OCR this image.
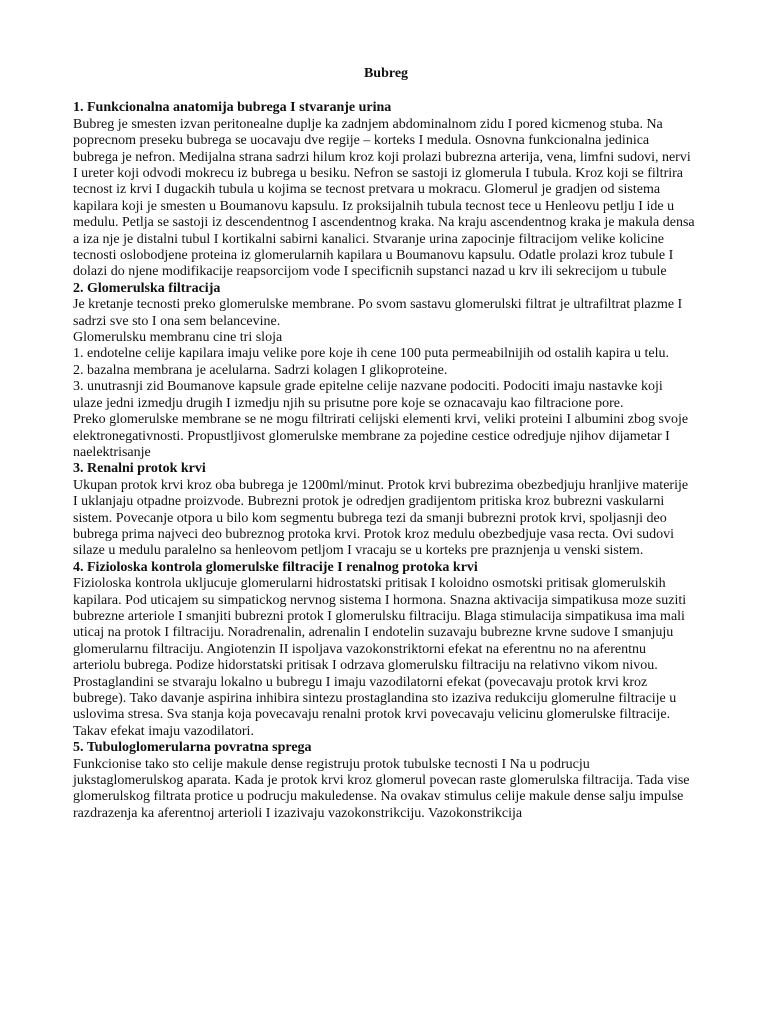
Bubreg
1. Funkcionalna anatomija bubrega I stvaranje urina
Bubreg je smesten izvan peritonealne duplje ka zadnjem abdominalnom zidu I pored kicmenog stuba. Na poprecnom preseku bubrega se uocavaju dve regije – korteks I medula. Osnovna funkcionalna jedinica bubrega je nefron. Medijalna strana sadrzi hilum kroz koji prolazi bubrezna arterija, vena, limfni sudovi, nervi I ureter koji odvodi mokrecu iz bubrega u besiku. Nefron se sastoji iz glomerula I tubula. Kroz koji se filtrira tecnost iz krvi I dugackih tubula u kojima se tecnost pretvara u mokracu. Glomerul je gradjen od sistema kapilara koji je smesten u Boumanovu kapsulu. Iz proksijalnih tubula tecnost tece u Henleovu petlju I ide u medulu. Petlja se sastoji iz descendentnog I ascendentnog kraka. Na kraju ascendentnog kraka je makula densa a iza nje je distalni tubul I kortikalni sabirni kanalici. Stvaranje urina zapocinje filtracijom velike kolicine tecnosti oslobodjene proteina iz glomerularnih kapilara u Boumanovu kapsulu. Odatle prolazi kroz tubule I dolazi do njene modifikacije reapsorcijom vode I specificnih supstanci nazad u krv ili sekrecijom u tubule
2. Glomerulska filtracija
Je kretanje tecnosti preko glomerulske membrane. Po svom sastavu glomerulski filtrat je ultrafiltrat plazme I sadrzi sve sto I ona sem belancevine.
Glomerulsku membranu cine tri sloja
1. endotelne celije kapilara imaju velike pore koje ih cene 100 puta permeabilnijih od ostalih kapira u telu.
2. bazalna membrana je acelularna. Sadrzi kolagen I glikoproteine.
3. unutrasnji zid Boumanove kapsule grade epitelne celije nazvane podociti. Podociti imaju nastavke koji ulaze jedni izmedju drugih I izmedju njih su prisutne pore koje se oznacavaju kao filtracione pore.
Preko glomerulske membrane se ne mogu filtrirati celijski elementi krvi, veliki proteini I albumini zbog svoje elektronegativnosti. Propustljivost glomerulske membrane za pojedine cestice odredjuje njihov dijametar I naelektrisanje
3. Renalni protok krvi
Ukupan protok krvi kroz oba bubrega je 1200ml/minut. Protok krvi bubrezima obezbedjuju hranljive materije I uklanjaju otpadne proizvode. Bubrezni protok je odredjen gradijentom pritiska kroz bubrezni vaskularni sistem. Povecanje otpora u bilo kom segmentu bubrega tezi da smanji bubrezni protok krvi, spoljasnji deo bubrega prima najveci deo bubreznog protoka krvi. Protok kroz medulu obezbedjuje vasa recta. Ovi sudovi silaze u medulu paralelno sa henleovom petljom I vracaju se u korteks pre praznjenja u venski sistem.
4. Fizioloska kontrola glomerulske filtracije I renalnog protoka krvi
Fizioloska kontrola ukljucuje glomerularni hidrostatski pritisak I koloidno osmotski pritisak glomerulskih kapilara. Pod uticajem su simpatickog nervnog sistema I hormona. Snazna aktivacija simpatikusa moze suziti bubrezne arteriole I smanjiti bubrezni protok I glomerulsku filtraciju. Blaga stimulacija simpatikusa ima mali uticaj na protok I filtraciju. Noradrenalin, adrenalin I endotelin suzavaju bubrezne krvne sudove I smanjuju glomerularnu filtraciju. Angiotenzin II ispoljava vazokonstriktorni efekat na eferentnu no na aferentnu arteriolu bubrega. Podize hidorstatski pritisak I odrzava glomerulsku filtraciju na relativno vikom nivou. Prostaglandini se stvaraju lokalno u bubregu I imaju vazodilatorni efekat (povecavaju protok krvi kroz bubrege). Tako davanje aspirina inhibira sintezu prostaglandina sto izaziva redukciju glomerulne filtracije u uslovima stresa. Sva stanja koja povecavaju renalni protok krvi povecavaju velicinu glomerulske filtracije. Takav efekat imaju vazodilatori.
5. Tubuloglomerularna povratna sprega
Funkcionise tako sto celije makule dense registruju protok tubulske tecnosti I Na u podrucju jukstaglomerulskog aparata. Kada je protok krvi kroz glomerul povecan raste glomerulska filtracija. Tada vise glomerulskog filtrata protice u podrucju makuledense. Na ovakav stimulus celije makule dense salju impulse razdrazenja ka aferentnoj arterioli I izazivaju vazokonstrikciju. Vazokonstrikcija
